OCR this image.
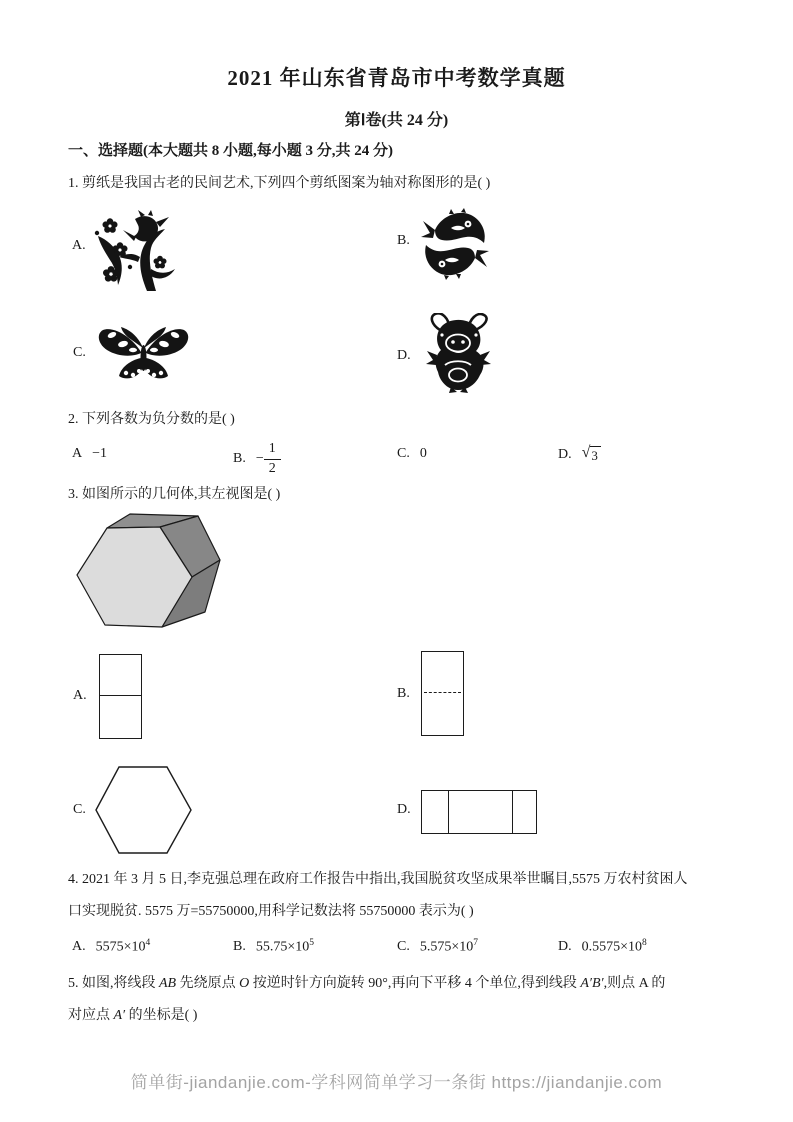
2021 年山东省青岛市中考数学真题
第Ⅰ卷(共 24 分)
一、选择题(本大题共 8 小题,每小题 3 分,共 24 分)
1. 剪纸是我国古老的民间艺术,下列四个剪纸图案为轴对称图形的是( )
A.	B.
C.	D.
2. 下列各数为负分数的是( )
A −1	B. − $\frac{1}{2}$	C. 0	D. √ 3
3. 如图所示的几何体,其左视图是( )
A.	B.
C.	D.
4. 2021 年 3 月 5 日,李克强总理在政府工作报告中指出,我国脱贫攻坚成果举世瞩目,5575 万农村贫困人
口实现脱贫. 5575 万=55750000,用科学记数法将 55750000 表示为( )
A. $5575\times 10^4$	B. $55.75\times 10^5$	C. $5.575\times 10^7$	D. $0.5575\times 10^8$
5. 如图,将线段 AB 先绕原点 O 按逆时针方向旋转 90°,再向下平移 4 个单位,得到线段 A′B′,则点 A 的
对应点 A′ 的坐标是( )
简单街-jiandanjie.com-学科网简单学习一条街 https://jiandanjie.com
